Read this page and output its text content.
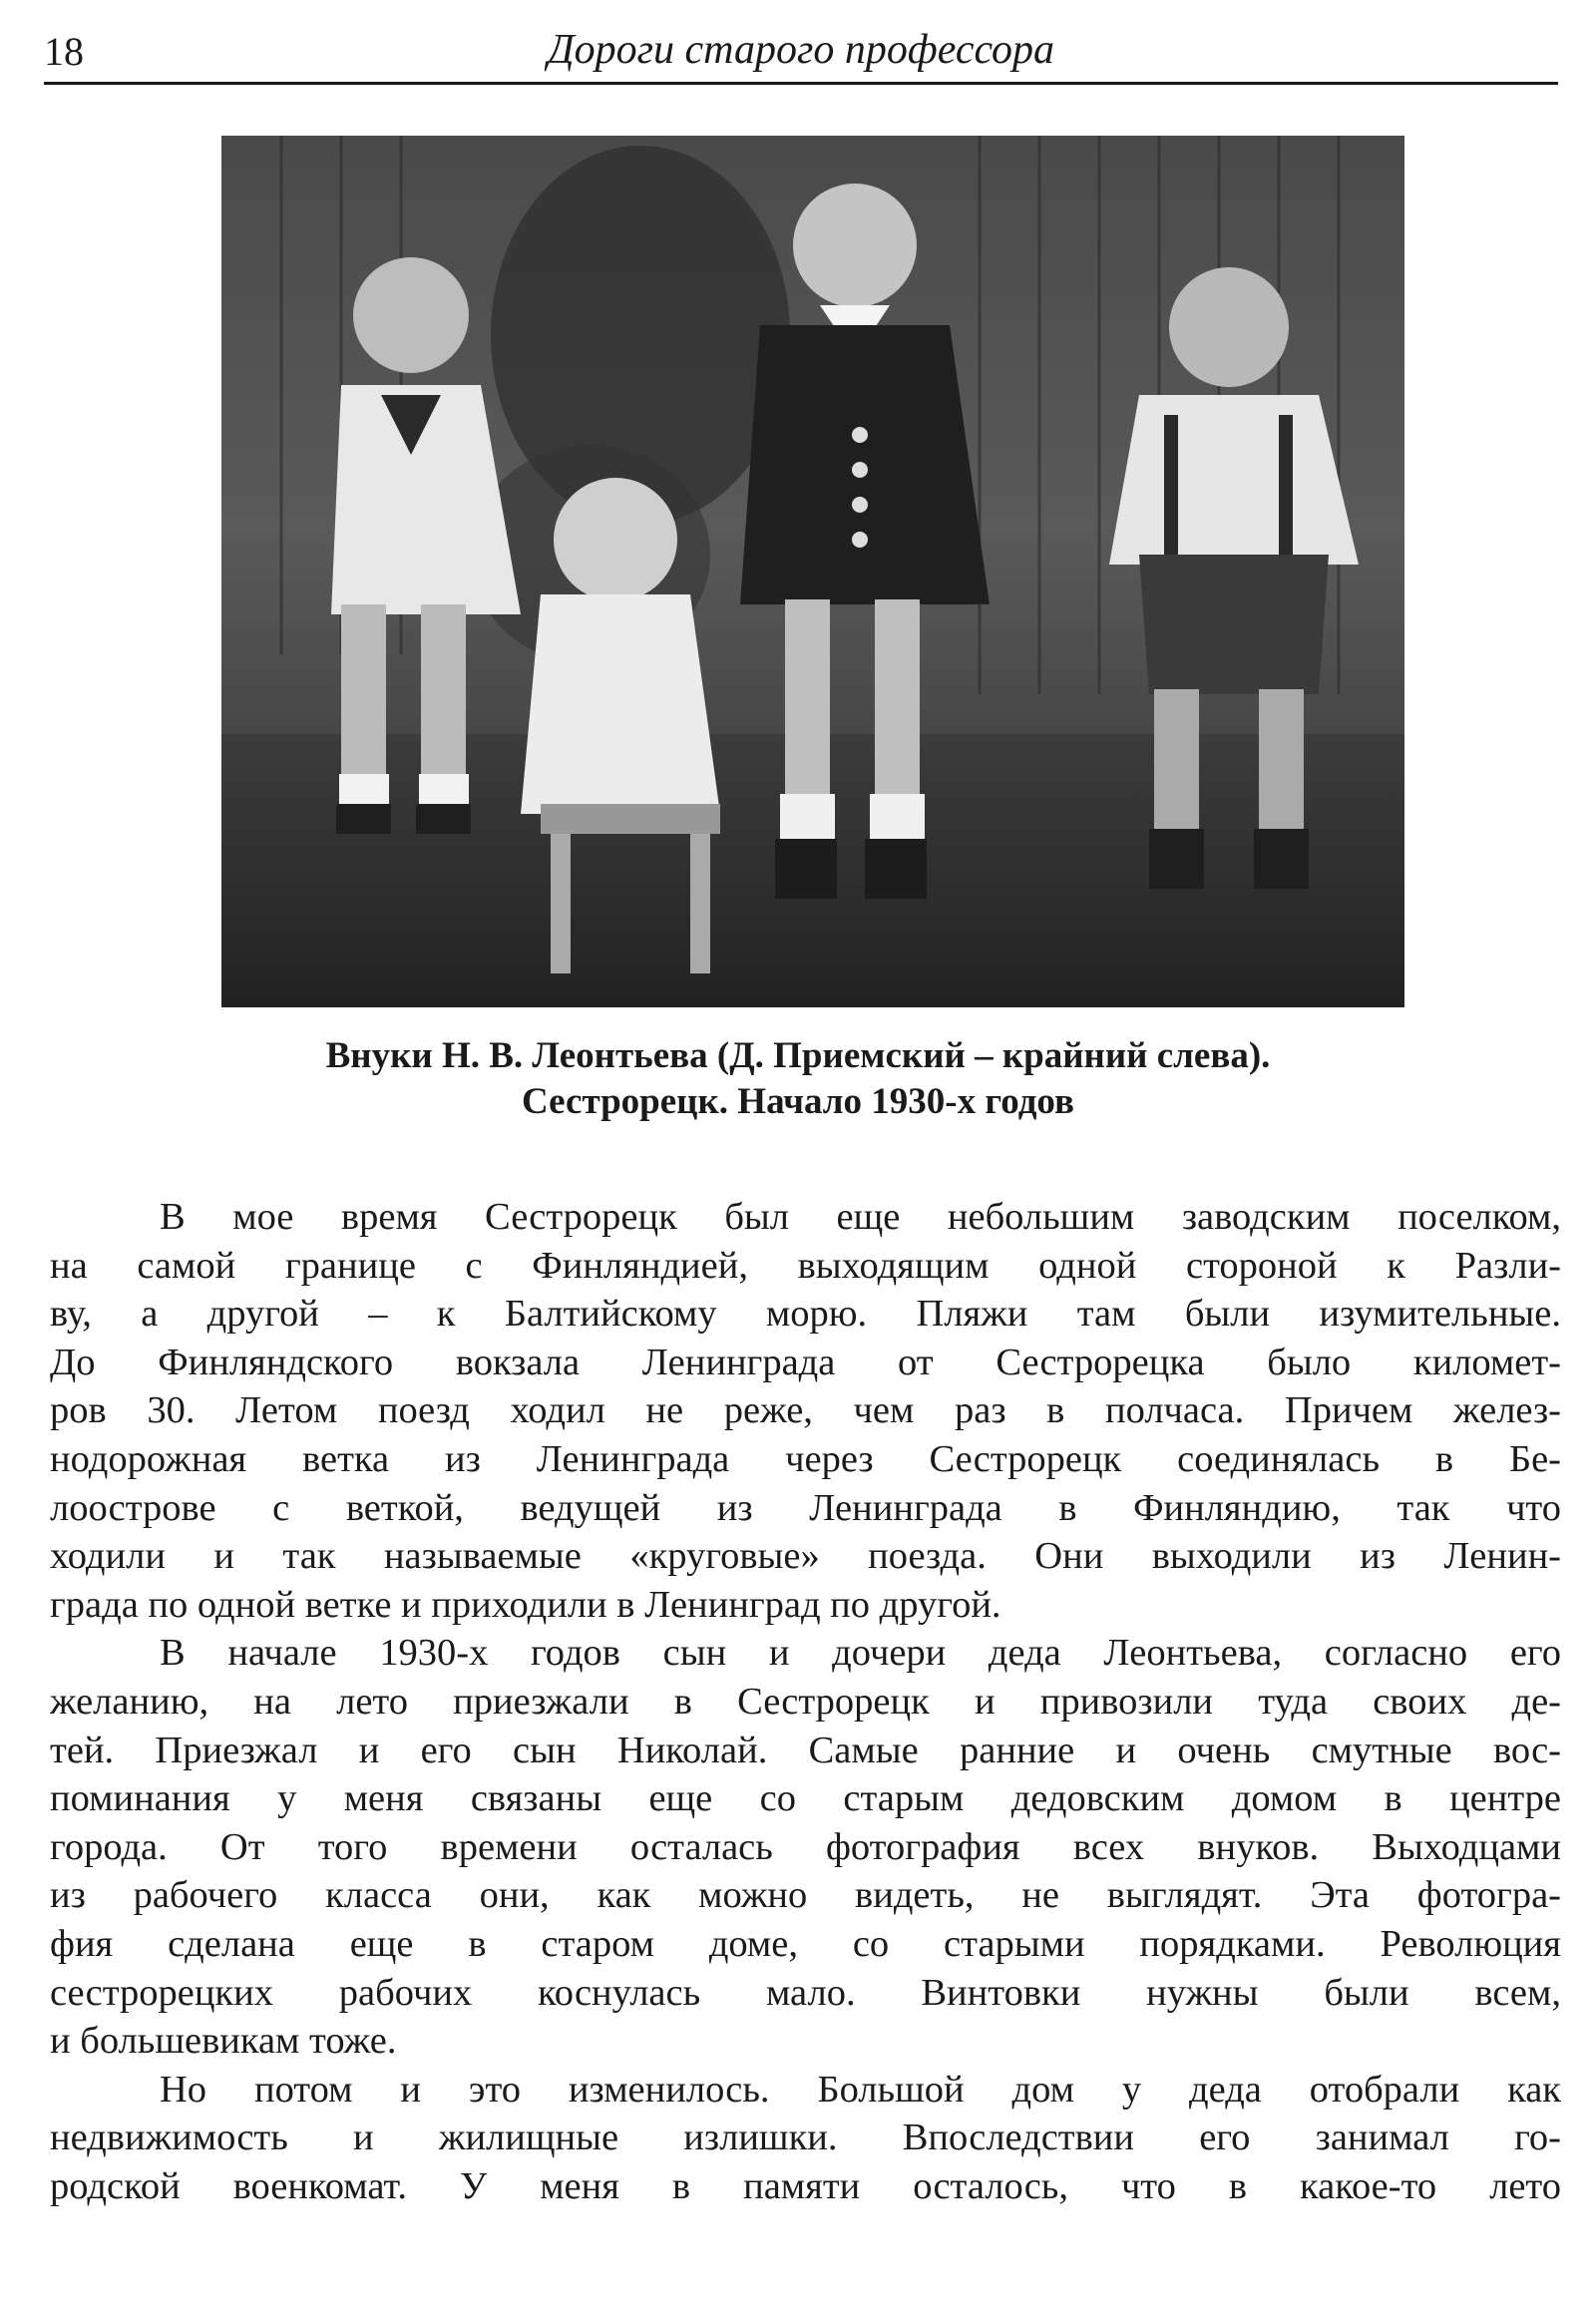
18	Дороги старого профессора
Внуки Н. В. Леонтьева (Д. Приемский – крайний слева).
Сестрорецк. Начало 1930-х годов
В мое время Сестрорецк был еще небольшим заводским поселком,
на самой границе с Финляндией, выходящим одной стороной к Разли-
ву, а другой – к Балтийскому морю. Пляжи там были изумительные.
До Финляндского вокзала Ленинграда от Сестрорецка было километ-
ров 30. Летом поезд ходил не реже, чем раз в полчаса. Причем желез-
нодорожная ветка из Ленинграда через Сестрорецк соединялась в Бе-
лоострове с веткой, ведущей из Ленинграда в Финляндию, так что
ходили и так называемые «круговые» поезда. Они выходили из Ленин-
града по одной ветке и приходили в Ленинград по другой.
В начале 1930-х годов сын и дочери деда Леонтьева, согласно его
желанию, на лето приезжали в Сестрорецк и привозили туда своих де-
тей. Приезжал и его сын Николай. Самые ранние и очень смутные вос-
поминания у меня связаны еще со старым дедовским домом в центре
города. От того времени осталась фотография всех внуков. Выходцами
из рабочего класса они, как можно видеть, не выглядят. Эта фотогра-
фия сделана еще в старом доме, со старыми порядками. Революция
сестрорецких рабочих коснулась мало. Винтовки нужны были всем,
и большевикам тоже.
Но потом и это изменилось. Большой дом у деда отобрали как
недвижимость и жилищные излишки. Впоследствии его занимал го-
родской военкомат. У меня в памяти осталось, что в какое-то лето
